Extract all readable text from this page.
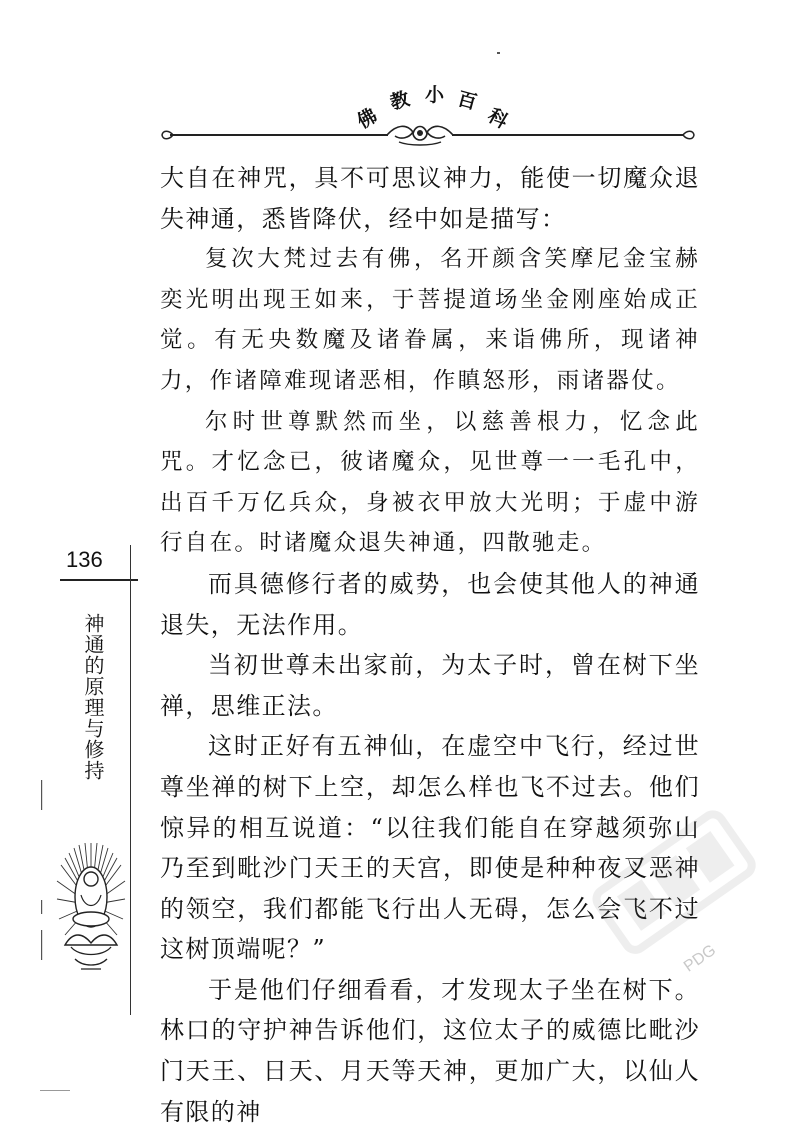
佛
教 小 百
科
136
神通的原理与修持

大自在神咒，具不可思议神力，能使一切魔众退失神通，悉皆降伏，经中如是描写：

复次大梵过去有佛，名开颜含笑摩尼金宝赫奕光明出现王如来，于菩提道场坐金刚座始成正觉。有无央数魔及诸眷属，来诣佛所，现诸神力，作诸障难现诸恶相，作瞋怒形，雨诸器仗。

尔时世尊默然而坐，以慈善根力，忆念此咒。才忆念已，彼诸魔众，见世尊一一毛孔中，出百千万亿兵众，身被衣甲放大光明；于虚中游行自在。时诸魔众退失神通，四散驰走。

而具德修行者的威势，也会使其他人的神通退失，无法作用。

当初世尊未出家前，为太子时，曾在树下坐禅，思维正法。

这时正好有五神仙，在虚空中飞行，经过世尊坐禅的树下上空，却怎么样也飞不过去。他们惊异的相互说道：“以往我们能自在穿越须弥山乃至到毗沙门天王的天宫，即使是种种夜叉恶神的领空，我们都能飞行出人无碍，怎么会飞不过这树顶端呢？”

于是他们仔细看看，才发现太子坐在树下。林口的守护神告诉他们，这位太子的威德比毗沙门天王、日天、月天等天神，更加广大，以仙人有限的神

PDG
